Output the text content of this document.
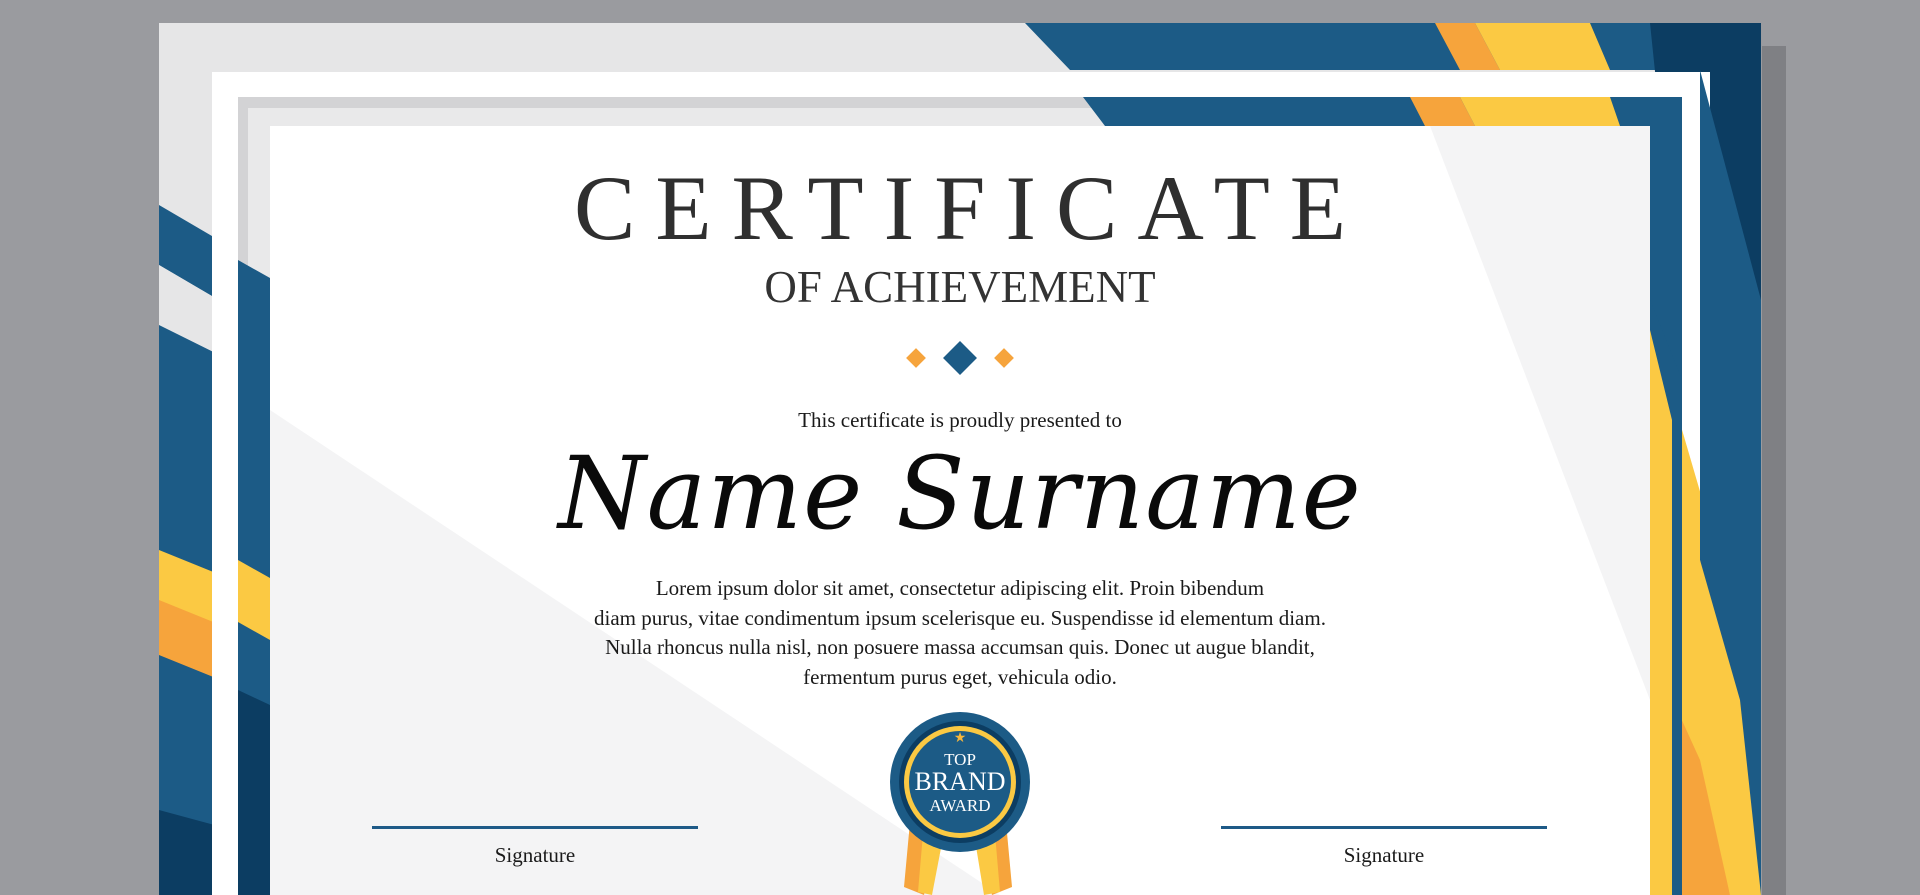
CERTIFICATE
OF ACHIEVEMENT
This certificate is proudly presented to
Name Surname
Lorem ipsum dolor sit amet, consectetur adipiscing elit. Proin bibendum
diam purus, vitae condimentum ipsum scelerisque eu. Suspendisse id elementum diam.
Nulla rhoncus nulla nisl, non posuere massa accumsan quis. Donec ut augue blandit,
fermentum purus eget, vehicula odio.
Signature	Signature
★
TOP
BRAND
AWARD
